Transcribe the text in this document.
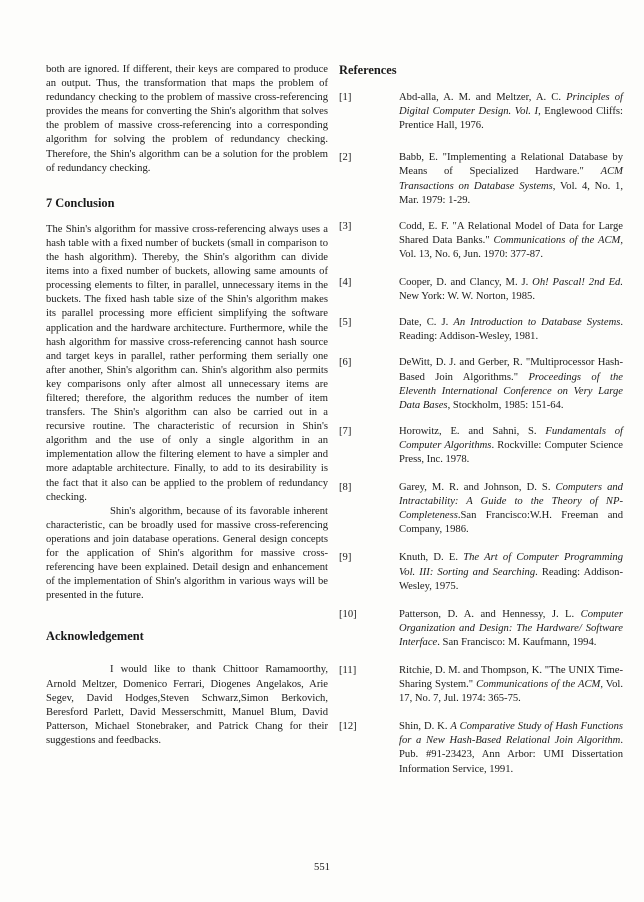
both are ignored. If different, their keys are compared to produce an output. Thus, the transformation that maps the problem of redundancy checking to the problem of massive cross-referencing provides the means for converting the Shin's algorithm that solves the problem of massive cross-referencing into a corresponding algorithm for solving the problem of redundancy checking. Therefore, the Shin's algorithm can be a solution for the problem of redundancy checking.

7 Conclusion

The Shin's algorithm for massive cross-referencing always uses a hash table with a fixed number of buckets (small in comparison to the hash algorithm). Thereby, the Shin's algorithm can divide items into a fixed number of buckets, allowing same amounts of processing elements to filter, in parallel, unnecessary items in the buckets. The fixed hash table size of the Shin's algorithm makes its parallel processing more efficient simplifying the software application and the hardware architecture. Furthermore, while the hash algorithm for massive cross-referencing cannot hash source and target keys in parallel, rather performing them serially one after another, Shin's algorithm can. Shin's algorithm also permits key comparisons only after almost all unnecessary items are filtered; therefore, the algorithm reduces the number of item transfers. The Shin's algorithm can also be carried out in a recursive routine. The characteristic of recursion in Shin's algorithm and the use of only a single algorithm in an implementation allow the filtering element to have a simpler and more adaptable architecture. Finally, to add to its desirability is the fact that it also can be applied to the problem of redundancy checking.

Shin's algorithm, because of its favorable inherent characteristic, can be broadly used for massive cross-referencing operations and join database operations. General design concepts for the application of Shin's algorithm for massive cross-referencing have been explained. Detail design and enhancement of the implementation of Shin's algorithm in various ways will be presented in the future.

Acknowledgement

I would like to thank Chittoor Ramamoorthy, Arnold Meltzer, Domenico Ferrari, Diogenes Angelakos, Arie Segev, David Hodges,Steven Schwarz,Simon Berkovich, Beresford Parlett, David Messerschmitt, Manuel Blum, David Patterson, Michael Stonebraker, and Patrick Chang for their suggestions and feedbacks.

References
[1]	Abd-alla, A. M. and Meltzer, A. C. Principles of Digital Computer Design. Vol. I, Englewood Cliffs: Prentice Hall, 1976.
[2]	Babb, E. "Implementing a Relational Database by Means of Specialized Hardware." ACM Transactions on Database Systems, Vol. 4, No. 1, Mar. 1979: 1-29.
[3]	Codd, E. F. "A Relational Model of Data for Large Shared Data Banks." Communications of the ACM, Vol. 13, No. 6, Jun. 1970: 377-87.
[4]	Cooper, D. and Clancy, M. J. Oh! Pascal! 2nd Ed. New York: W. W. Norton, 1985.
[5]	Date, C. J. An Introduction to Database Systems. Reading: Addison-Wesley, 1981.
[6]	DeWitt, D. J. and Gerber, R. "Multiprocessor Hash-Based Join Algorithms." Proceedings of the Eleventh International Conference on Very Large Data Bases, Stockholm, 1985: 151-64.
[7]	Horowitz, E. and Sahni, S. Fundamentals of Computer Algorithms. Rockville: Computer Science Press, Inc. 1978.
[8]	Garey, M. R. and Johnson, D. S. Computers and Intractability: A Guide to the Theory of NP-Completeness.San Francisco:W.H. Freeman and Company, 1986.
[9]	Knuth, D. E. The Art of Computer Programming Vol. III: Sorting and Searching. Reading: Addison-Wesley, 1975.
[10]	Patterson, D. A. and Hennessy, J. L. Computer Organization and Design: The Hardware/ Software Interface. San Francisco: M. Kaufmann, 1994.
[11]	Ritchie, D. M. and Thompson, K. "The UNIX Time-Sharing System." Communications of the ACM, Vol. 17, No. 7, Jul. 1974: 365-75.
[12]	Shin, D. K. A Comparative Study of Hash Functions for a New Hash-Based Relational Join Algorithm. Pub. #91-23423, Ann Arbor: UMI Dissertation Information Service, 1991.
551
